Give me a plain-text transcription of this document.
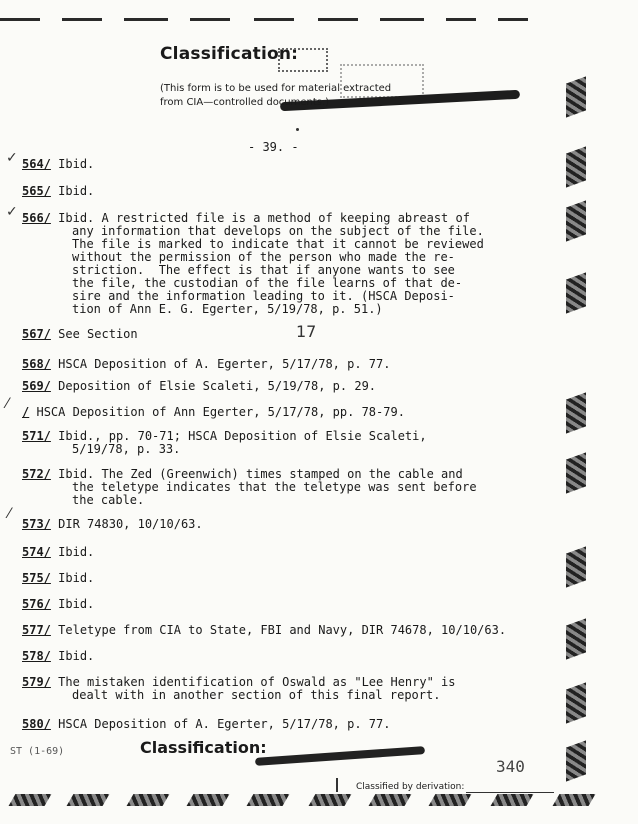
Classification:
(This form is to be used for material extracted
from CIA—controlled documents.)
- 39. -
564/ Ibid.
565/ Ibid.
566/ Ibid. A restricted file is a method of keeping abreast of
any information that develops on the subject of the file.
The file is marked to indicate that it cannot be reviewed
without the permission of the person who made the re-
striction.  The effect is that if anyone wants to see
the file, the custodian of the file learns of that de-
sire and the information leading to it. (HSCA Deposi-
tion of Ann E. G. Egerter, 5/19/78, p. 51.)
567/ See Section
568/ HSCA Deposition of A. Egerter, 5/17/78, p. 77.
569/ Deposition of Elsie Scaleti, 5/19/78, p. 29.
/ HSCA Deposition of Ann Egerter, 5/17/78, pp. 78-79.
571/ Ibid., pp. 70-71; HSCA Deposition of Elsie Scaleti,
5/19/78, p. 33.
572/ Ibid. The Zed (Greenwich) times stamped on the cable and
the teletype indicates that the teletype was sent before
the cable.
573/ DIR 74830, 10/10/63.
574/ Ibid.
575/ Ibid.
576/ Ibid.
577/ Teletype from CIA to State, FBI and Navy, DIR 74678, 10/10/63.
578/ Ibid.
579/ The mistaken identification of Oswald as "Lee Henry" is
dealt with in another section of this final report.
580/ HSCA Deposition of A. Egerter, 5/17/78, p. 77.
17
✓
✓
⁄
⁄
ST (1-69)	Classification:
340
Classified by derivation:
